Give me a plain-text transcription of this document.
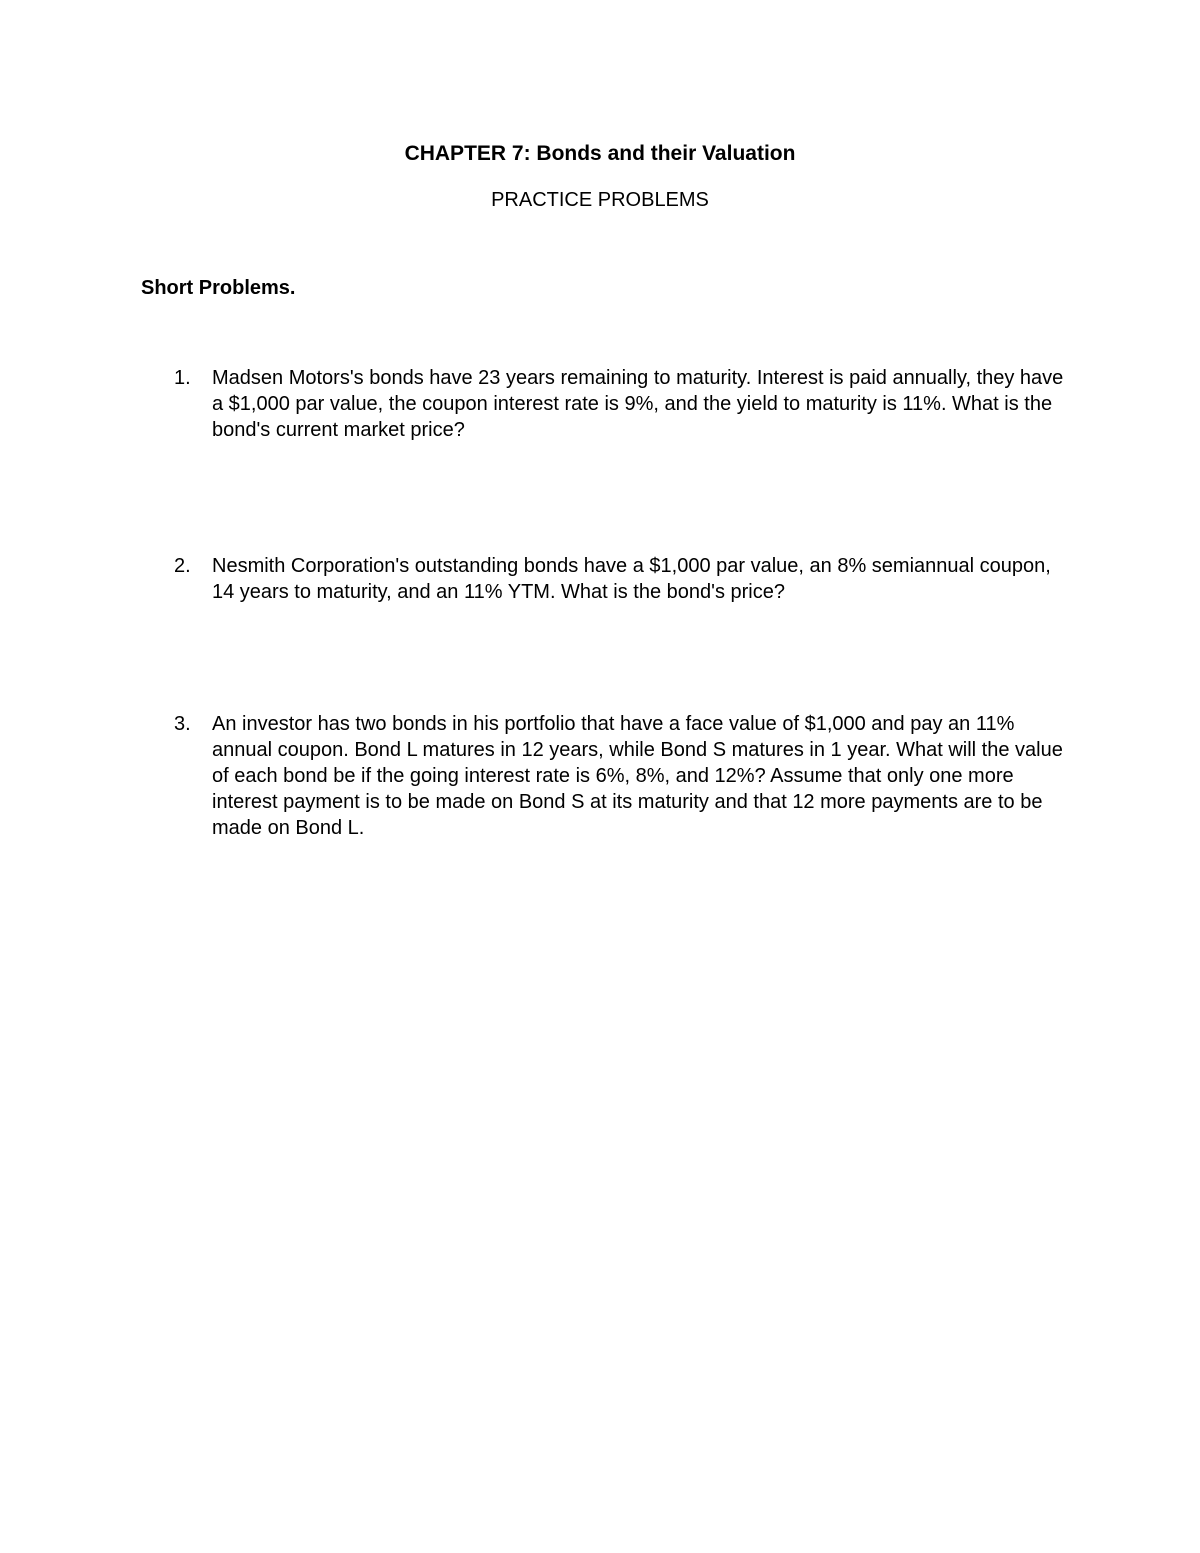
CHAPTER 7: Bonds and their Valuation
PRACTICE PROBLEMS
Short Problems.
1. Madsen Motors's bonds have 23 years remaining to maturity. Interest is paid annually, they have a $1,000 par value, the coupon interest rate is 9%, and the yield to maturity is 11%. What is the bond's current market price?
2. Nesmith Corporation's outstanding bonds have a $1,000 par value, an 8% semiannual coupon, 14 years to maturity, and an 11% YTM. What is the bond's price?
3. An investor has two bonds in his portfolio that have a face value of $1,000 and pay an 11% annual coupon. Bond L matures in 12 years, while Bond S matures in 1 year. What will the value of each bond be if the going interest rate is 6%, 8%, and 12%? Assume that only one more interest payment is to be made on Bond S at its maturity and that 12 more payments are to be made on Bond L.
